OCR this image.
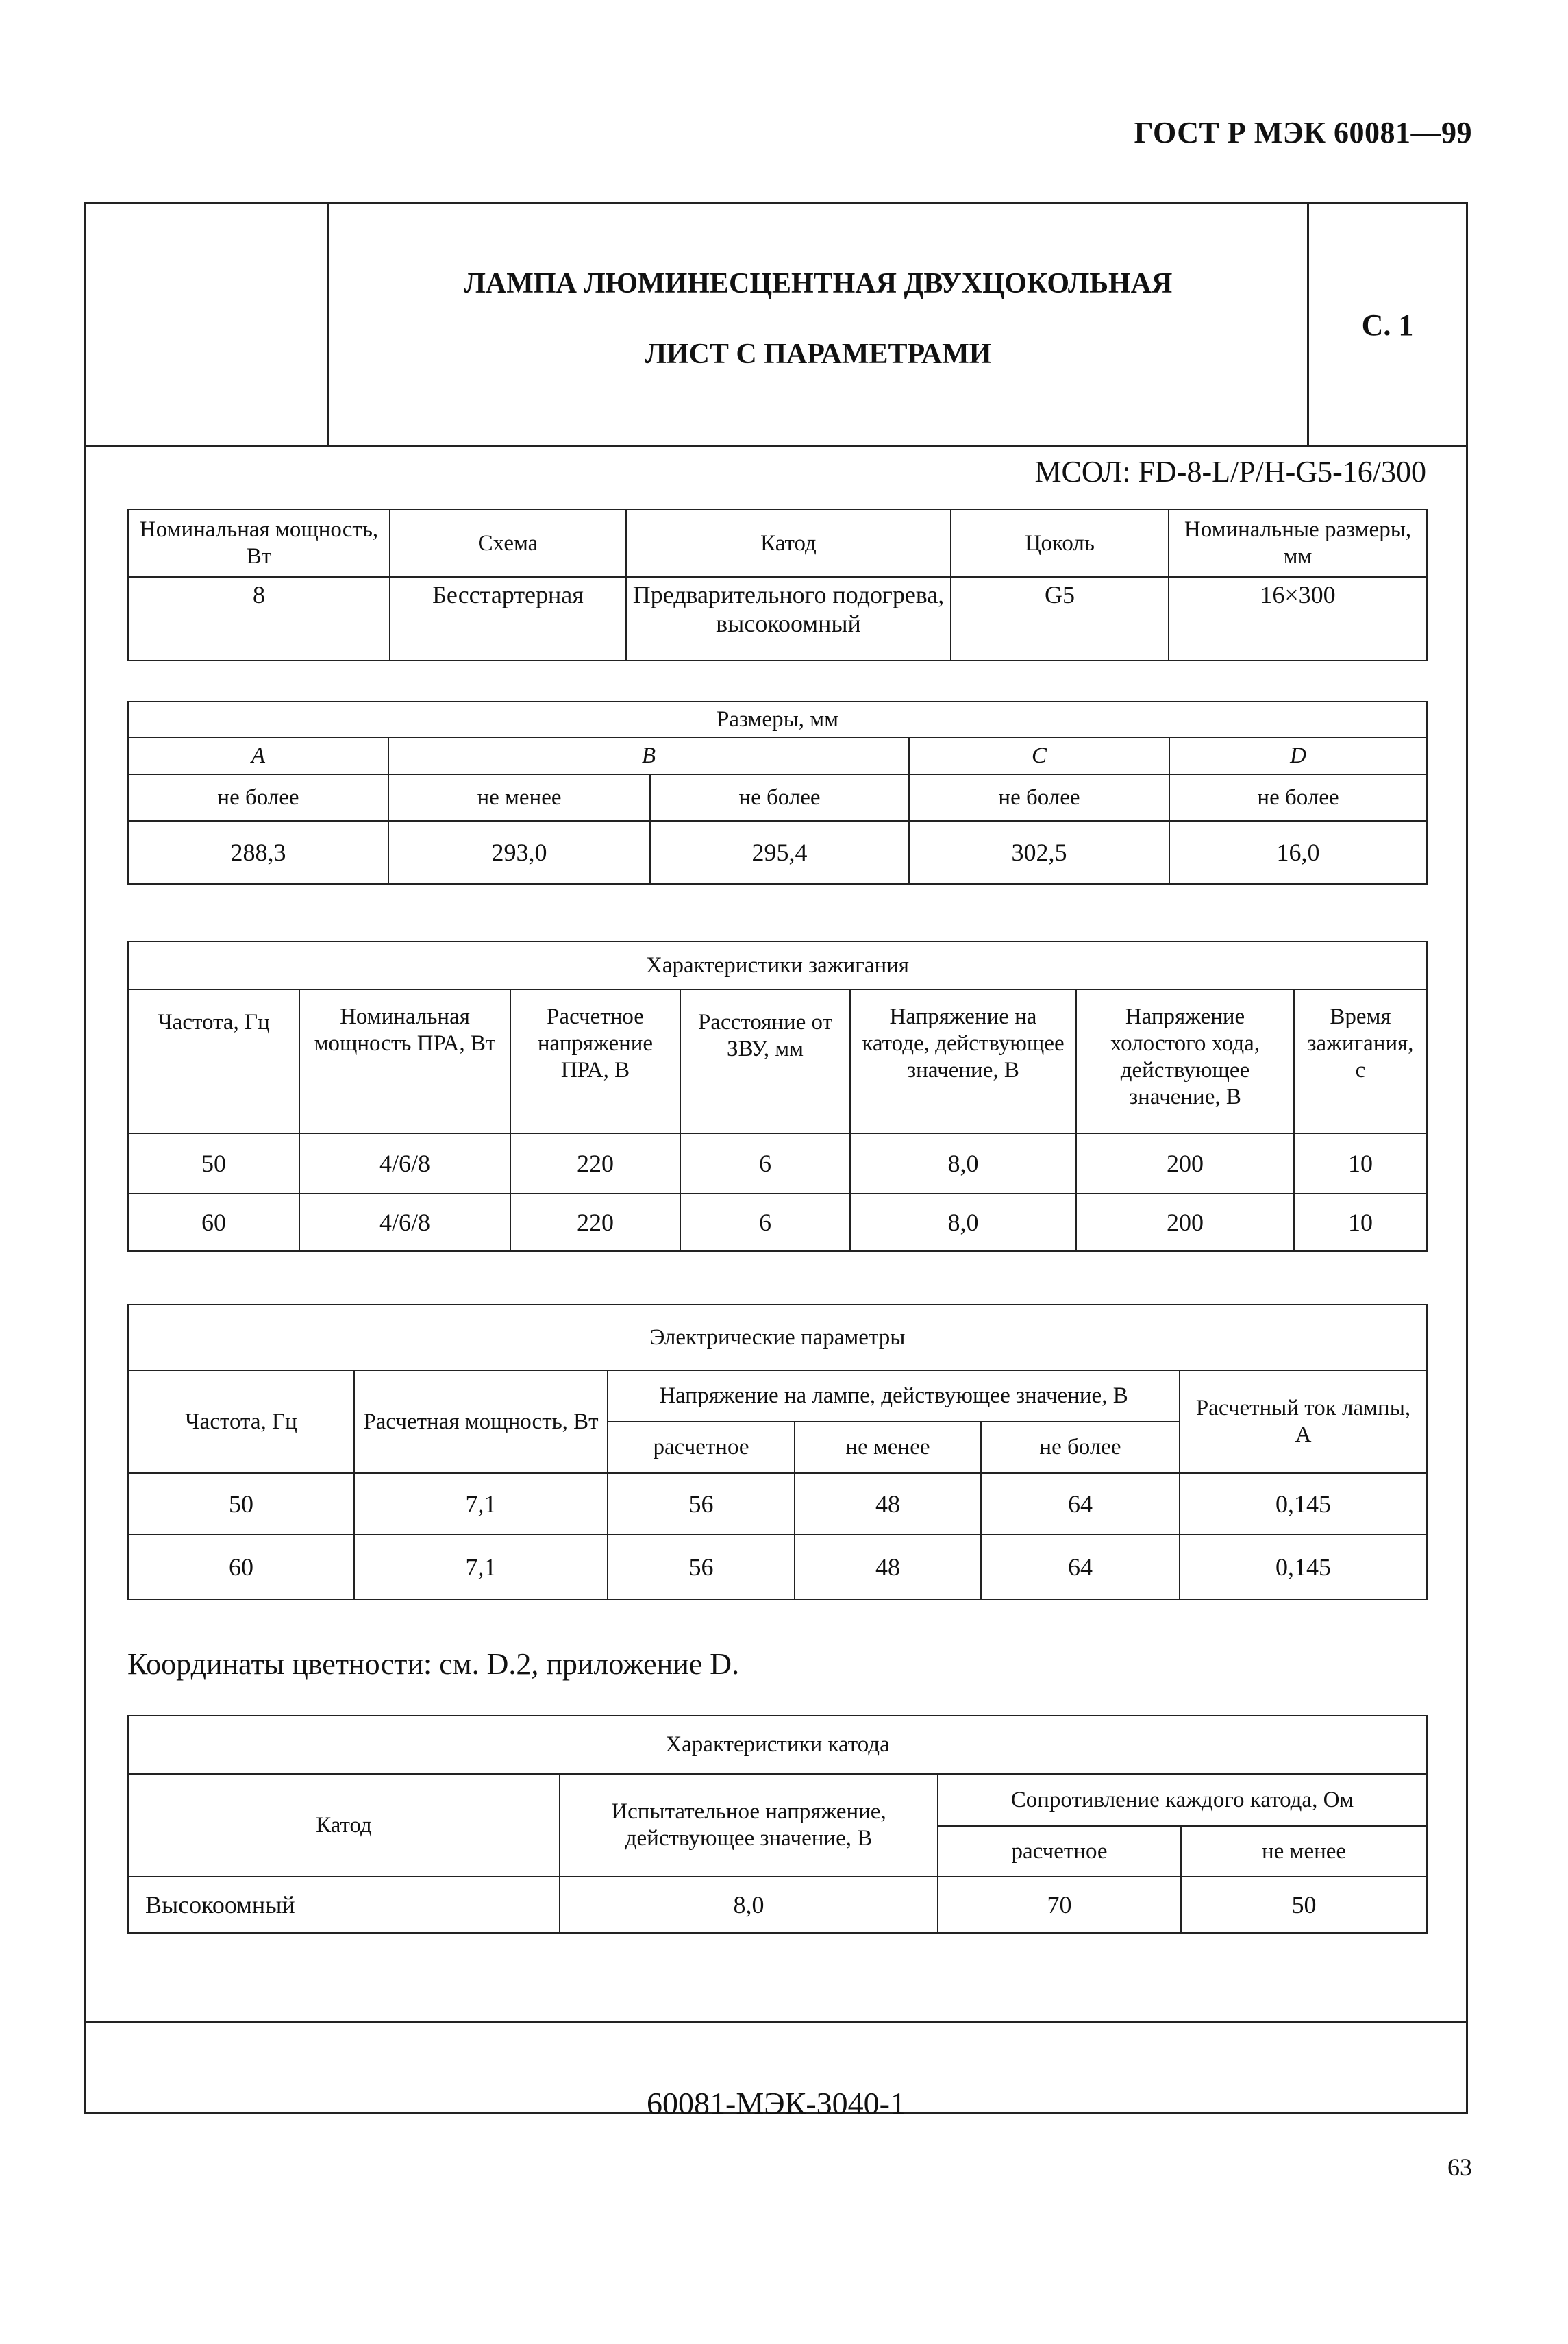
ГОСТ Р МЭК 60081—99
ЛАМПА ЛЮМИНЕСЦЕНТНАЯ ДВУХЦОКОЛЬНАЯ
ЛИСТ С ПАРАМЕТРАМИ
С. 1
МСОЛ: FD-8-L/P/H-G5-16/300
Номинальная мощность, Вт	Схема	Катод	Цоколь	Номинальные размеры, мм
8	Бесстартерная	Предварительного подогрева, высокоомный	G5	16×300
Размеры, мм				
A	B		C	D
не более	не менее	не более	не более	не более
288,3	293,0	295,4	302,5	16,0
Характеристики зажигания						
Частота, Гц	Номинальная мощность ПРА, Вт	Расчетное напряжение ПРА, В	Расстояние от ЗВУ, мм	Напряжение на катоде, действующее значение, В	Напряжение холостого хода, действующее значение, В	Время зажигания, с
50	4/6/8	220	6	8,0	200	10
60	4/6/8	220	6	8,0	200	10
Электрические параметры					
Частота, Гц	Расчетная мощность, Вт	Напряжение на лампе, действующее значение, В			Расчетный ток лампы, А
		расчетное	не менее	не более	
50	7,1	56	48	64	0,145
60	7,1	56	48	64	0,145
Координаты цветности: см. D.2, приложение D.
Характеристики катода			
Катод	Испытательное напряжение, действующее значение, В	Сопротивление каждого катода, Ом	
		расчетное	не менее
Высокоомный	8,0	70	50
60081-МЭК-3040-1
63
